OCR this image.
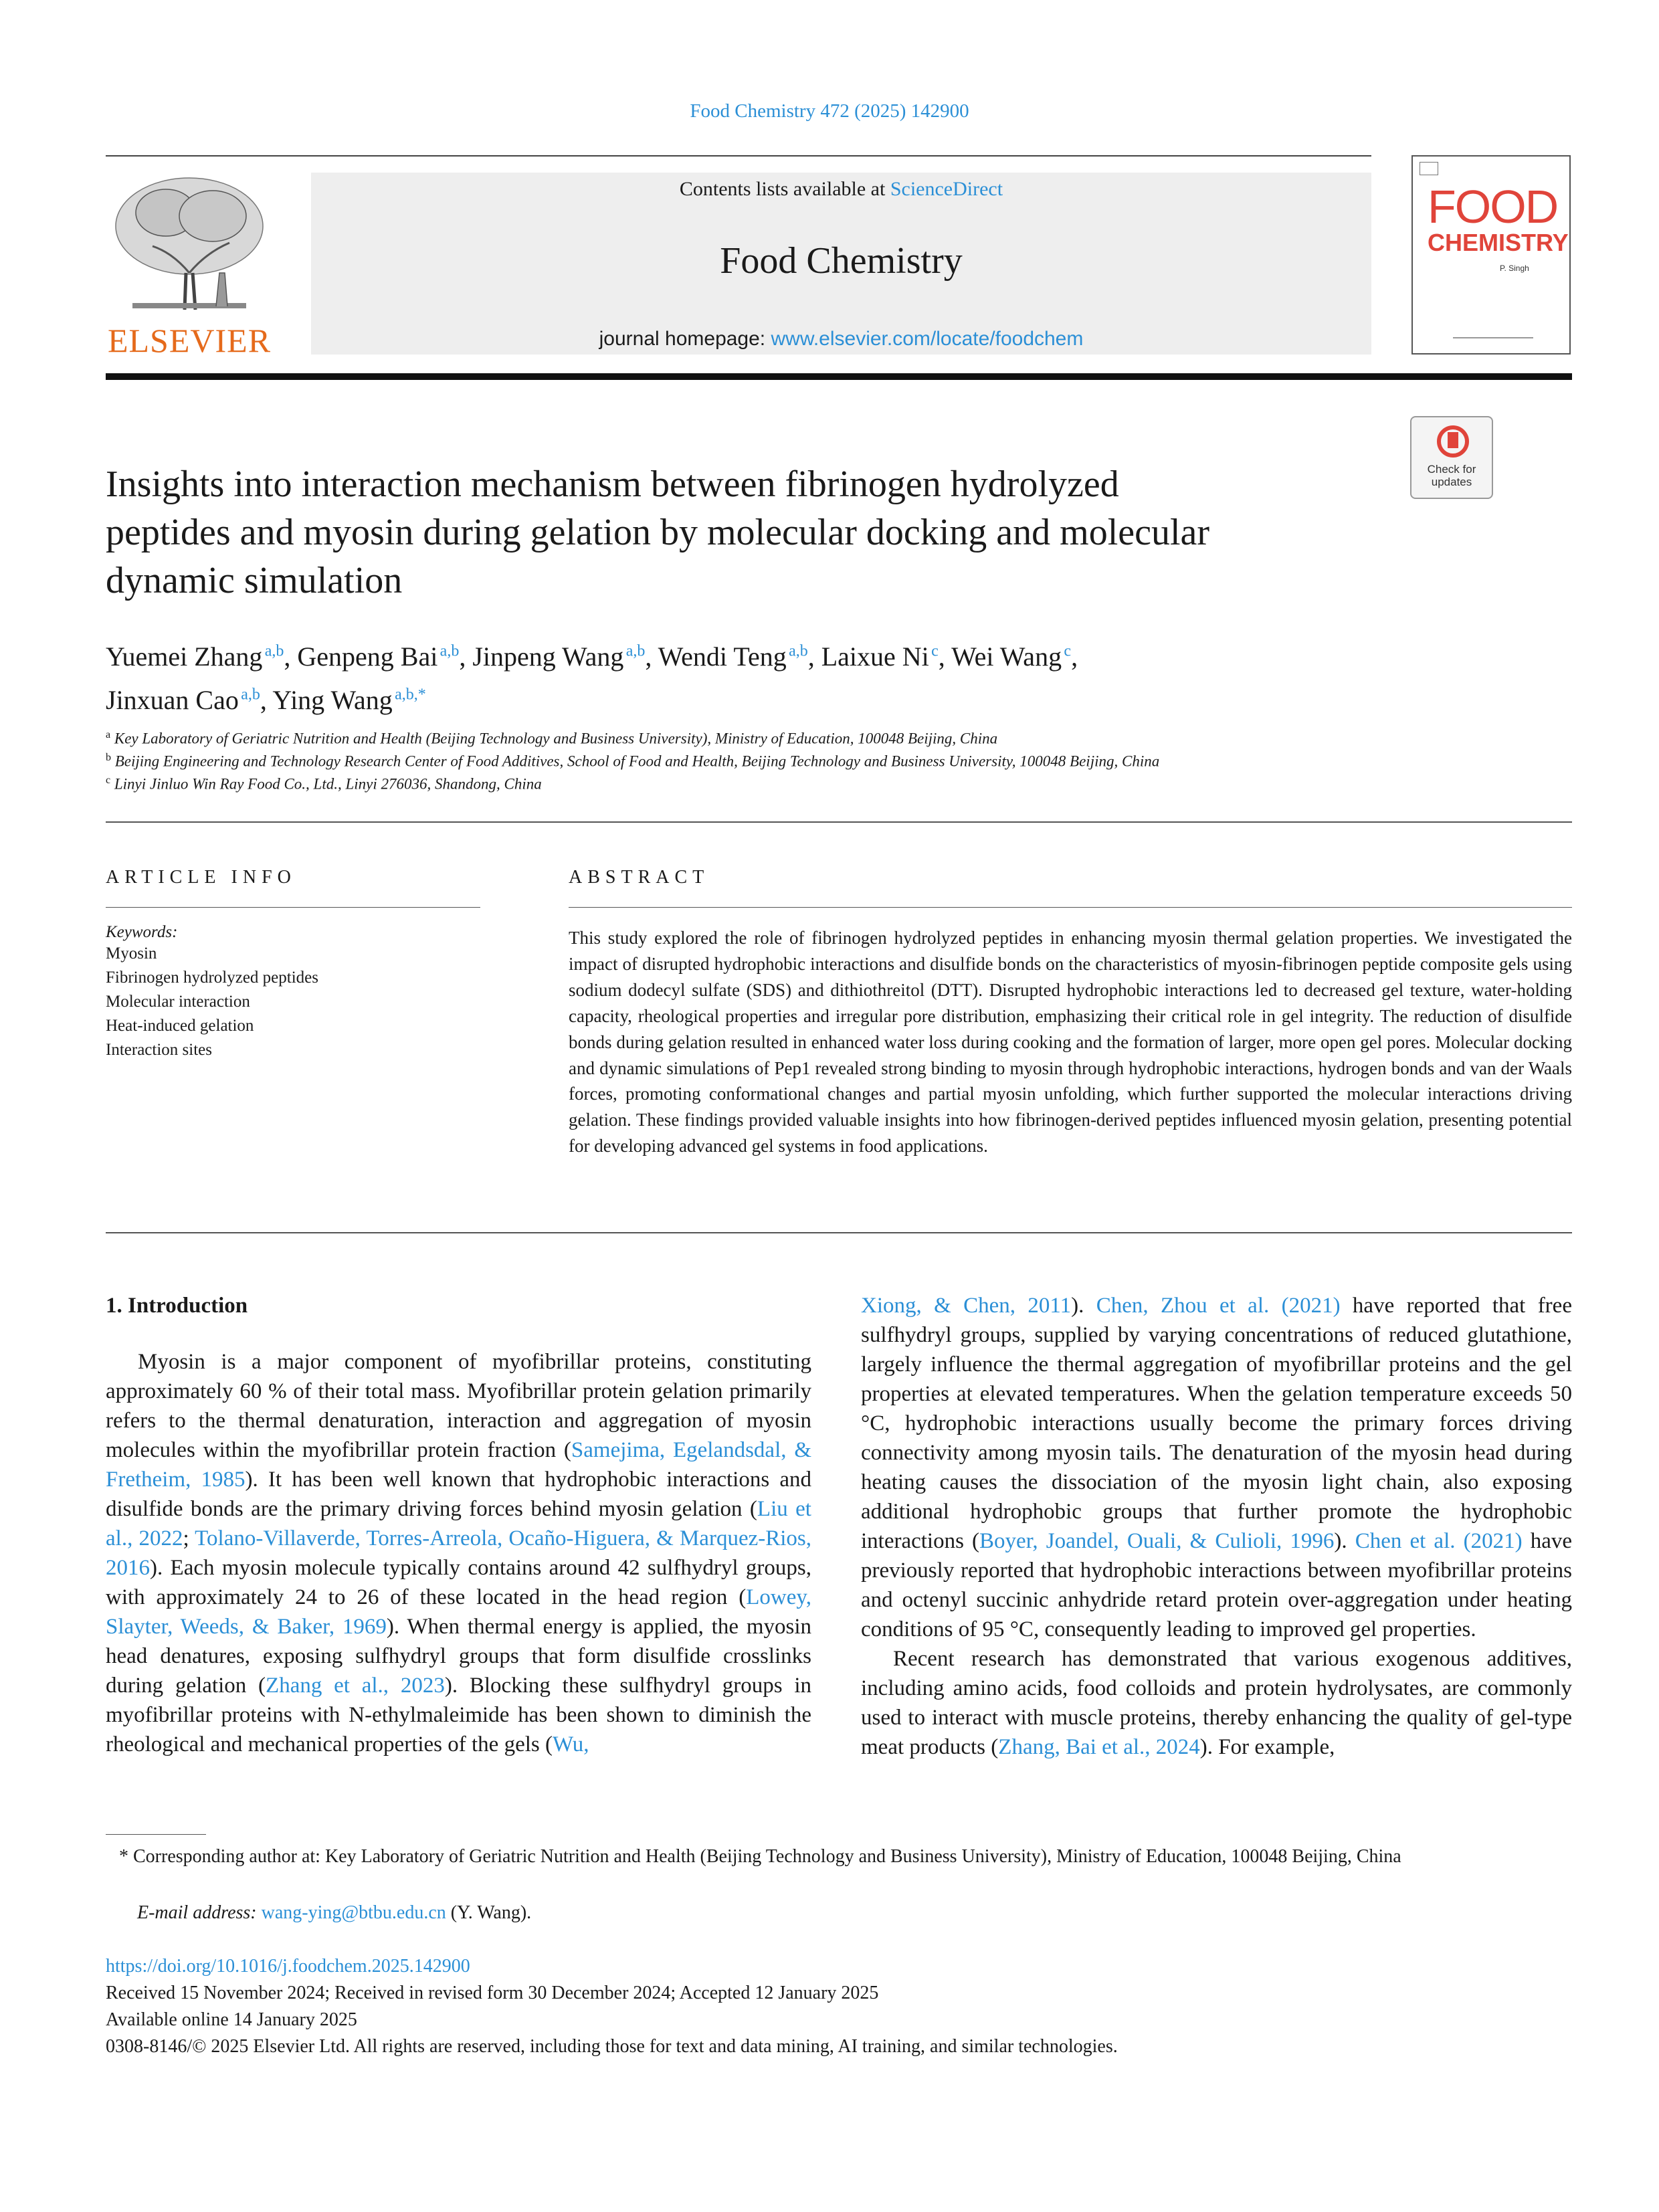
Food Chemistry 472 (2025) 142900
ELSEVIER
Contents lists available at ScienceDirect
Food Chemistry
journal homepage: www.elsevier.com/locate/foodchem
FOOD
CHEMISTRY
P. Singh
Check for updates
Insights into interaction mechanism between fibrinogen hydrolyzed
peptides and myosin during gelation by molecular docking and molecular
dynamic simulation
Yuemei Zhang  $^{a,b}$, Genpeng Bai  $^{a,b}$, Jinpeng Wang  $^{a,b}$, Wendi Teng  $^{a,b}$, Laixue Ni  $^c$, Wei Wang  $^c$,
Jinxuan Cao  $^{a,b}$, Ying Wang  $^{a,b,*}$
$^a$ Key Laboratory of Geriatric Nutrition and Health (Beijing Technology and Business University), Ministry of Education, 100048 Beijing, China
$^b$ Beijing Engineering and Technology Research Center of Food Additives, School of Food and Health, Beijing Technology and Business University, 100048 Beijing, China
$^c$ Linyi Jinluo Win Ray Food Co., Ltd., Linyi 276036, Shandong, China
ARTICLE INFO
Keywords:
Myosin
Fibrinogen hydrolyzed peptides
Molecular interaction
Heat-induced gelation
Interaction sites
ABSTRACT
This study explored the role of fibrinogen hydrolyzed peptides in enhancing myosin thermal gelation properties. We investigated the impact of disrupted hydrophobic interactions and disulfide bonds on the characteristics of myosin-fibrinogen peptide composite gels using sodium dodecyl sulfate (SDS) and dithiothreitol (DTT). Disrupted hydrophobic interactions led to decreased gel texture, water-holding capacity, rheological properties and irregular pore distribution, emphasizing their critical role in gel integrity. The reduction of disulfide bonds during gelation resulted in enhanced water loss during cooking and the formation of larger, more open gel pores. Molecular docking and dynamic simulations of Pep1 revealed strong binding to myosin through hydrophobic interactions, hydrogen bonds and van der Waals forces, promoting conformational changes and partial myosin unfolding, which further supported the molecular interactions driving gelation. These findings provided valuable insights into how fibrinogen-derived peptides influenced myosin gelation, presenting potential for developing advanced gel systems in food applications.
1. Introduction

Myosin is a major component of myofibrillar proteins, constituting approximately 60 % of their total mass. Myofibrillar protein gelation primarily refers to the thermal denaturation, interaction and aggregation of myosin molecules within the myofibrillar protein fraction (Samejima, Egelandsdal, & Fretheim, 1985). It has been well known that hydrophobic interactions and disulfide bonds are the primary driving forces behind myosin gelation (Liu et al., 2022; Tolano-Villaverde, Torres-Arreola, Ocaño-Higuera, & Marquez-Rios, 2016). Each myosin molecule typically contains around 42 sulfhydryl groups, with approximately 24 to 26 of these located in the head region (Lowey, Slayter, Weeds, & Baker, 1969). When thermal energy is applied, the myosin head denatures, exposing sulfhydryl groups that form disulfide crosslinks during gelation (Zhang et al., 2023). Blocking these sulfhydryl groups in myofibrillar proteins with N-ethylmaleimide has been shown to diminish the rheological and mechanical properties of the gels (Wu,

Xiong, & Chen, 2011). Chen, Zhou et al. (2021) have reported that free sulfhydryl groups, supplied by varying concentrations of reduced glutathione, largely influence the thermal aggregation of myofibrillar proteins and the gel properties at elevated temperatures. When the gelation temperature exceeds 50 °C, hydrophobic interactions usually become the primary forces driving connectivity among myosin tails. The denaturation of the myosin head during heating causes the dissociation of the myosin light chain, also exposing additional hydrophobic groups that further promote the hydrophobic interactions (Boyer, Joandel, Ouali, & Culioli, 1996). Chen et al. (2021) have previously reported that hydrophobic interactions between myofibrillar proteins and octenyl succinic anhydride retard protein over-aggregation under heating conditions of 95 °C, consequently leading to improved gel properties.

Recent research has demonstrated that various exogenous additives, including amino acids, food colloids and protein hydrolysates, are commonly used to interact with muscle proteins, thereby enhancing the quality of gel-type meat products (Zhang, Bai et al., 2024). For example,

* Corresponding author at: Key Laboratory of Geriatric Nutrition and Health (Beijing Technology and Business University), Ministry of Education, 100048 Beijing, China
E-mail address: wang-ying@btbu.edu.cn (Y. Wang).
https://doi.org/10.1016/j.foodchem.2025.142900
Received 15 November 2024; Received in revised form 30 December 2024; Accepted 12 January 2025
Available online 14 January 2025
0308-8146/© 2025 Elsevier Ltd. All rights are reserved, including those for text and data mining, AI training, and similar technologies.
